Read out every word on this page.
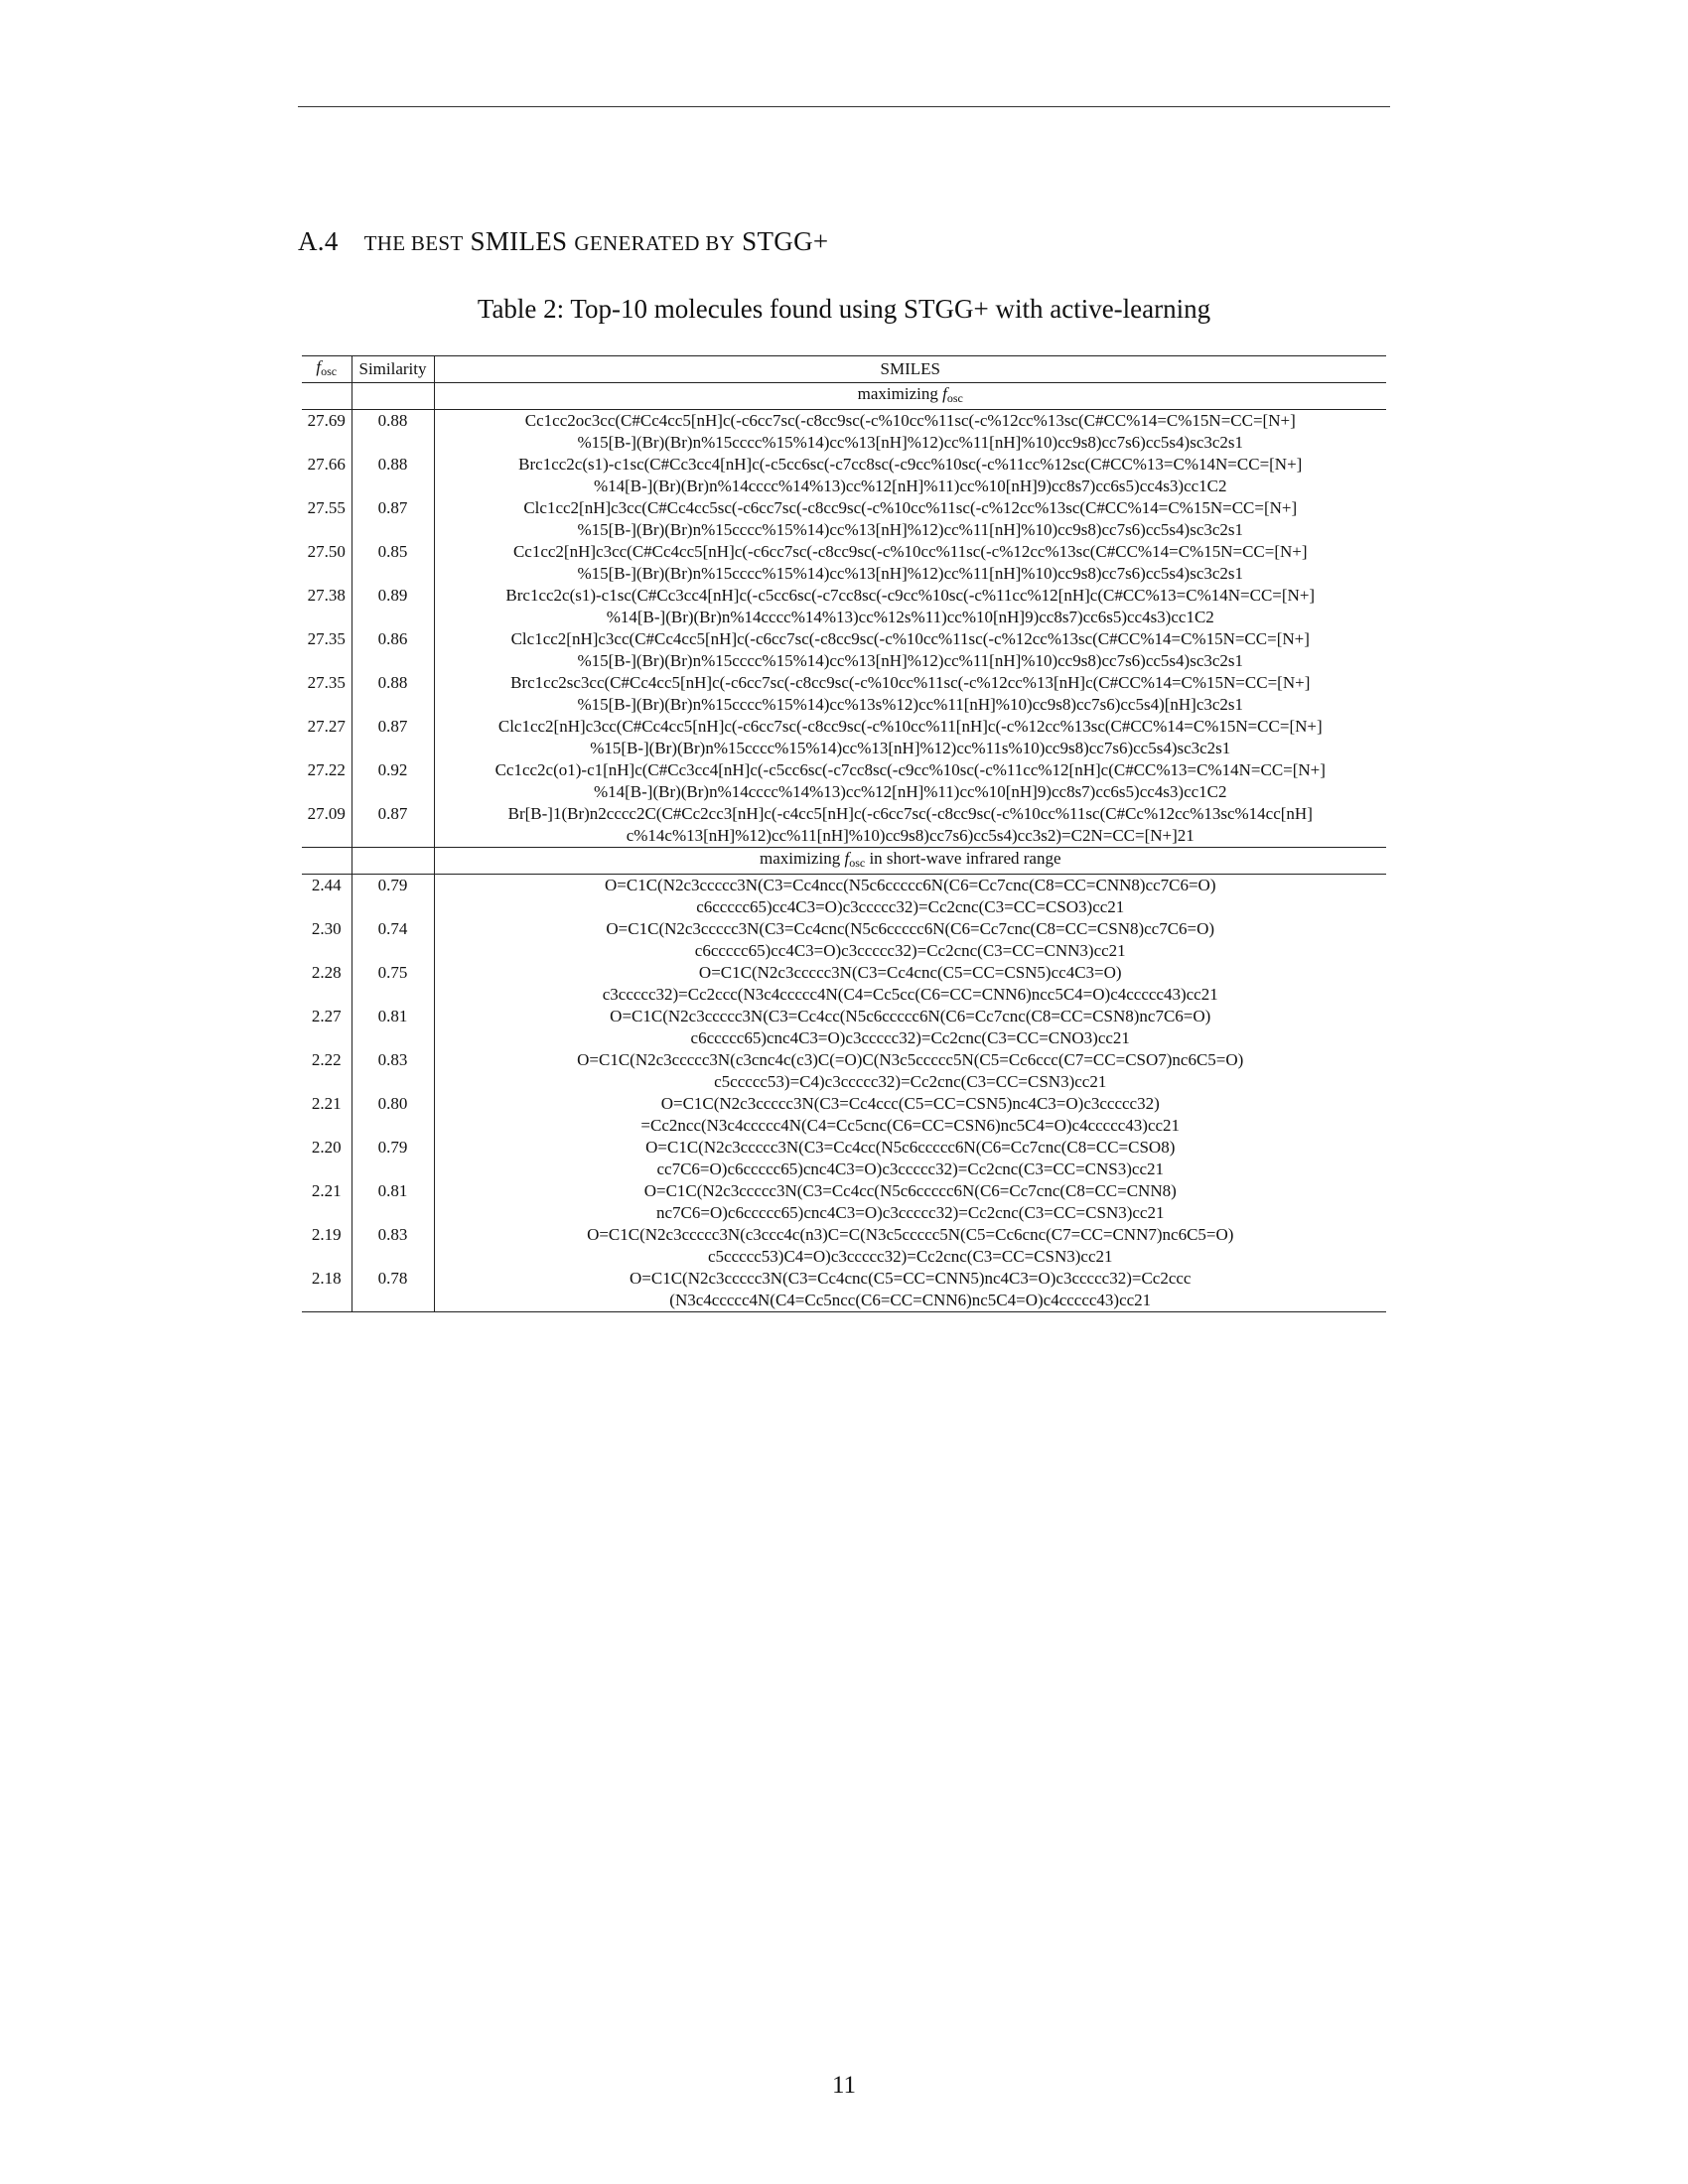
A.4 THE BEST SMILES GENERATED BY STGG+
Table 2: Top-10 molecules found using STGG+ with active-learning
$f_{osc}$	Similarity	SMILES
		maximizing $f_{osc}$
27.69	0.88	Cc1cc2oc3cc(C#Cc4cc5[nH]c(-c6cc7sc(-c8cc9sc(-c%10cc%11sc(-c%12cc%13sc(C#CC%14=C%15N=CC=[N+]
%15[B-](Br)(Br)n%15cccc%15%14)cc%13[nH]%12)cc%11[nH]%10)cc9s8)cc7s6)cc5s4)sc3c2s1

27.66	0.88	Brc1cc2c(s1)-c1sc(C#Cc3cc4[nH]c(-c5cc6sc(-c7cc8sc(-c9cc%10sc(-c%11cc%12sc(C#CC%13=C%14N=CC=[N+]
%14[B-](Br)(Br)n%14cccc%14%13)cc%12[nH]%11)cc%10[nH]9)cc8s7)cc6s5)cc4s3)cc1C2

27.55	0.87	Clc1cc2[nH]c3cc(C#Cc4cc5sc(-c6cc7sc(-c8cc9sc(-c%10cc%11sc(-c%12cc%13sc(C#CC%14=C%15N=CC=[N+]
%15[B-](Br)(Br)n%15cccc%15%14)cc%13[nH]%12)cc%11[nH]%10)cc9s8)cc7s6)cc5s4)sc3c2s1

27.50	0.85	Cc1cc2[nH]c3cc(C#Cc4cc5[nH]c(-c6cc7sc(-c8cc9sc(-c%10cc%11sc(-c%12cc%13sc(C#CC%14=C%15N=CC=[N+]
%15[B-](Br)(Br)n%15cccc%15%14)cc%13[nH]%12)cc%11[nH]%10)cc9s8)cc7s6)cc5s4)sc3c2s1

27.38	0.89	Brc1cc2c(s1)-c1sc(C#Cc3cc4[nH]c(-c5cc6sc(-c7cc8sc(-c9cc%10sc(-c%11cc%12[nH]c(C#CC%13=C%14N=CC=[N+]
%14[B-](Br)(Br)n%14cccc%14%13)cc%12s%11)cc%10[nH]9)cc8s7)cc6s5)cc4s3)cc1C2

27.35	0.86	Clc1cc2[nH]c3cc(C#Cc4cc5[nH]c(-c6cc7sc(-c8cc9sc(-c%10cc%11sc(-c%12cc%13sc(C#CC%14=C%15N=CC=[N+]
%15[B-](Br)(Br)n%15cccc%15%14)cc%13[nH]%12)cc%11[nH]%10)cc9s8)cc7s6)cc5s4)sc3c2s1

27.35	0.88	Brc1cc2sc3cc(C#Cc4cc5[nH]c(-c6cc7sc(-c8cc9sc(-c%10cc%11sc(-c%12cc%13[nH]c(C#CC%14=C%15N=CC=[N+]
%15[B-](Br)(Br)n%15cccc%15%14)cc%13s%12)cc%11[nH]%10)cc9s8)cc7s6)cc5s4)[nH]c3c2s1

27.27	0.87	Clc1cc2[nH]c3cc(C#Cc4cc5[nH]c(-c6cc7sc(-c8cc9sc(-c%10cc%11[nH]c(-c%12cc%13sc(C#CC%14=C%15N=CC=[N+]
%15[B-](Br)(Br)n%15cccc%15%14)cc%13[nH]%12)cc%11s%10)cc9s8)cc7s6)cc5s4)sc3c2s1

27.22	0.92	Cc1cc2c(o1)-c1[nH]c(C#Cc3cc4[nH]c(-c5cc6sc(-c7cc8sc(-c9cc%10sc(-c%11cc%12[nH]c(C#CC%13=C%14N=CC=[N+]
%14[B-](Br)(Br)n%14cccc%14%13)cc%12[nH]%11)cc%10[nH]9)cc8s7)cc6s5)cc4s3)cc1C2

27.09	0.87	Br[B-]1(Br)n2cccc2C(C#Cc2cc3[nH]c(-c4cc5[nH]c(-c6cc7sc(-c8cc9sc(-c%10cc%11sc(C#Cc%12cc%13sc%14cc[nH]
c%14c%13[nH]%12)cc%11[nH]%10)cc9s8)cc7s6)cc5s4)cc3s2)=C2N=CC=[N+]21

		maximizing $f_{osc}$ in short-wave infrared range
2.44	0.79	O=C1C(N2c3ccccc3N(C3=Cc4ncc(N5c6ccccc6N(C6=Cc7cnc(C8=CC=CNN8)cc7C6=O)
c6ccccc65)cc4C3=O)c3ccccc32)=Cc2cnc(C3=CC=CSO3)cc21

2.30	0.74	O=C1C(N2c3ccccc3N(C3=Cc4cnc(N5c6ccccc6N(C6=Cc7cnc(C8=CC=CSN8)cc7C6=O)
c6ccccc65)cc4C3=O)c3ccccc32)=Cc2cnc(C3=CC=CNN3)cc21

2.28	0.75	O=C1C(N2c3ccccc3N(C3=Cc4cnc(C5=CC=CSN5)cc4C3=O)
c3ccccc32)=Cc2ccc(N3c4ccccc4N(C4=Cc5cc(C6=CC=CNN6)ncc5C4=O)c4ccccc43)cc21

2.27	0.81	O=C1C(N2c3ccccc3N(C3=Cc4cc(N5c6ccccc6N(C6=Cc7cnc(C8=CC=CSN8)nc7C6=O)
c6ccccc65)cnc4C3=O)c3ccccc32)=Cc2cnc(C3=CC=CNO3)cc21

2.22	0.83	O=C1C(N2c3ccccc3N(c3cnc4c(c3)C(=O)C(N3c5ccccc5N(C5=Cc6ccc(C7=CC=CSO7)nc6C5=O)
c5ccccc53)=C4)c3ccccc32)=Cc2cnc(C3=CC=CSN3)cc21

2.21	0.80	O=C1C(N2c3ccccc3N(C3=Cc4ccc(C5=CC=CSN5)nc4C3=O)c3ccccc32)
=Cc2ncc(N3c4ccccc4N(C4=Cc5cnc(C6=CC=CSN6)nc5C4=O)c4ccccc43)cc21

2.20	0.79	O=C1C(N2c3ccccc3N(C3=Cc4cc(N5c6ccccc6N(C6=Cc7cnc(C8=CC=CSO8)
cc7C6=O)c6ccccc65)cnc4C3=O)c3ccccc32)=Cc2cnc(C3=CC=CNS3)cc21

2.21	0.81	O=C1C(N2c3ccccc3N(C3=Cc4cc(N5c6ccccc6N(C6=Cc7cnc(C8=CC=CNN8)
nc7C6=O)c6ccccc65)cnc4C3=O)c3ccccc32)=Cc2cnc(C3=CC=CSN3)cc21

2.19	0.83	O=C1C(N2c3ccccc3N(c3ccc4c(n3)C=C(N3c5ccccc5N(C5=Cc6cnc(C7=CC=CNN7)nc6C5=O)
c5ccccc53)C4=O)c3ccccc32)=Cc2cnc(C3=CC=CSN3)cc21

2.18	0.78	O=C1C(N2c3ccccc3N(C3=Cc4cnc(C5=CC=CNN5)nc4C3=O)c3ccccc32)=Cc2ccc
(N3c4ccccc4N(C4=Cc5ncc(C6=CC=CNN6)nc5C4=O)c4ccccc43)cc21
11
